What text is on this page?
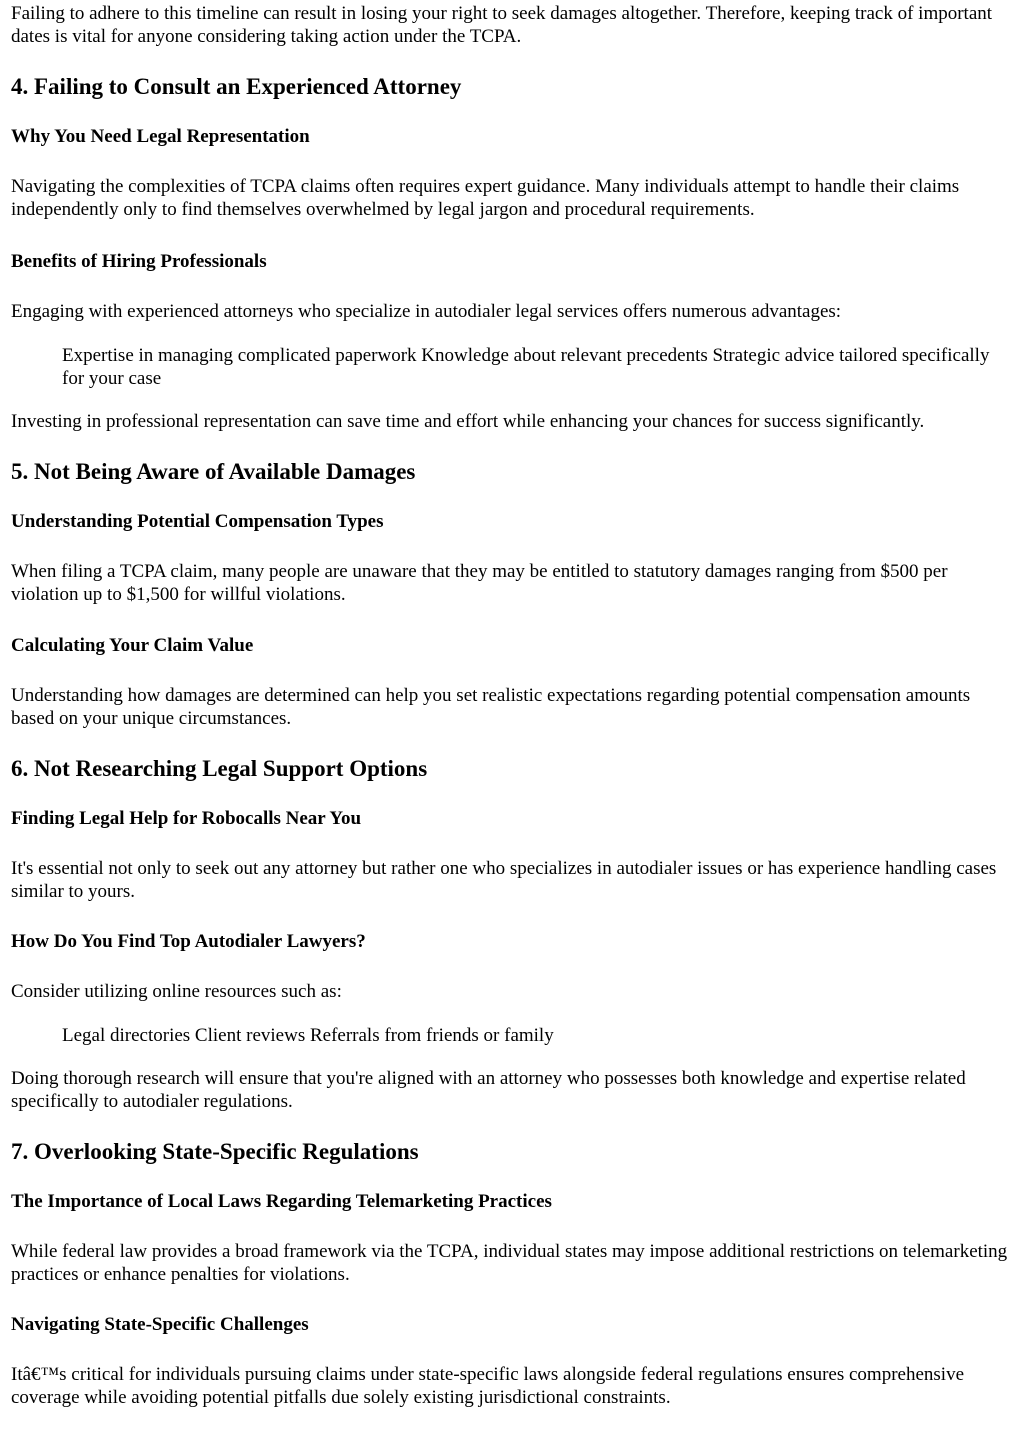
Failing to adhere to this timeline can result in losing your right to seek damages altogether. Therefore, keeping track of important dates is vital for anyone considering taking action under the TCPA.

4. Failing to Consult an Experienced Attorney
Why You Need Legal Representation

Navigating the complexities of TCPA claims often requires expert guidance. Many individuals attempt to handle their claims independently only to find themselves overwhelmed by legal jargon and procedural requirements.

Benefits of Hiring Professionals

Engaging with experienced attorneys who specialize in autodialer legal services offers numerous advantages:

Expertise in managing complicated paperwork Knowledge about relevant precedents Strategic advice tailored specifically for your case

Investing in professional representation can save time and effort while enhancing your chances for success significantly.

5. Not Being Aware of Available Damages
Understanding Potential Compensation Types

When filing a TCPA claim, many people are unaware that they may be entitled to statutory damages ranging from $500 per violation up to $1,500 for willful violations.

Calculating Your Claim Value

Understanding how damages are determined can help you set realistic expectations regarding potential compensation amounts based on your unique circumstances.

6. Not Researching Legal Support Options
Finding Legal Help for Robocalls Near You

It's essential not only to seek out any attorney but rather one who specializes in autodialer issues or has experience handling cases similar to yours.

How Do You Find Top Autodialer Lawyers?

Consider utilizing online resources such as:

Legal directories Client reviews Referrals from friends or family

Doing thorough research will ensure that you're aligned with an attorney who possesses both knowledge and expertise related specifically to autodialer regulations.

7. Overlooking State-Specific Regulations
The Importance of Local Laws Regarding Telemarketing Practices

While federal law provides a broad framework via the TCPA, individual states may impose additional restrictions on telemarketing practices or enhance penalties for violations.

Navigating State-Specific Challenges

Itâ€™s critical for individuals pursuing claims under state-specific laws alongside federal regulations ensures comprehensive coverage while avoiding potential pitfalls due solely existing jurisdictional constraints.
